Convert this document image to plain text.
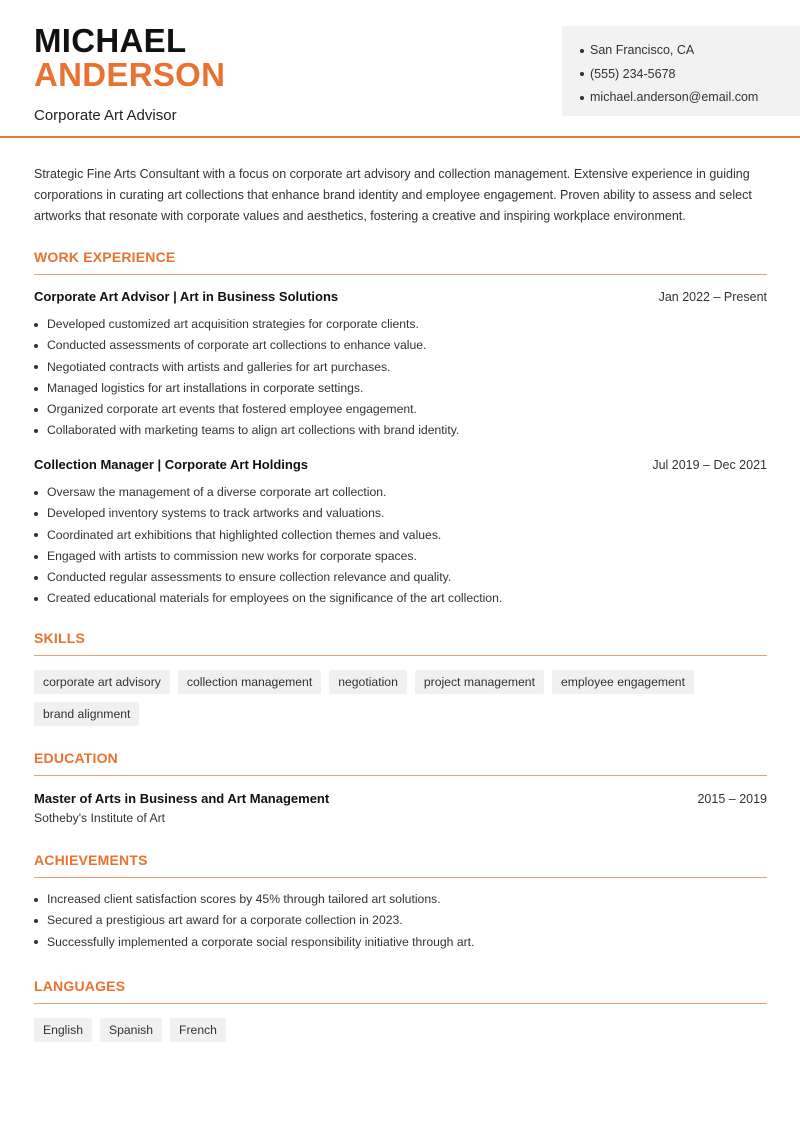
MICHAEL
ANDERSON
Corporate Art Advisor
San Francisco, CA
(555) 234-5678
michael.anderson@email.com
Strategic Fine Arts Consultant with a focus on corporate art advisory and collection management. Extensive experience in guiding corporations in curating art collections that enhance brand identity and employee engagement. Proven ability to assess and select artworks that resonate with corporate values and aesthetics, fostering a creative and inspiring workplace environment.
WORK EXPERIENCE
Corporate Art Advisor | Art in Business Solutions	Jan 2022 – Present
Developed customized art acquisition strategies for corporate clients.
Conducted assessments of corporate art collections to enhance value.
Negotiated contracts with artists and galleries for art purchases.
Managed logistics for art installations in corporate settings.
Organized corporate art events that fostered employee engagement.
Collaborated with marketing teams to align art collections with brand identity.
Collection Manager | Corporate Art Holdings	Jul 2019 – Dec 2021
Oversaw the management of a diverse corporate art collection.
Developed inventory systems to track artworks and valuations.
Coordinated art exhibitions that highlighted collection themes and values.
Engaged with artists to commission new works for corporate spaces.
Conducted regular assessments to ensure collection relevance and quality.
Created educational materials for employees on the significance of the art collection.
SKILLS
corporate art advisory	collection management	negotiation	project management	employee engagement
brand alignment
EDUCATION
Master of Arts in Business and Art Management	2015 – 2019
Sotheby's Institute of Art
ACHIEVEMENTS
Increased client satisfaction scores by 45% through tailored art solutions.
Secured a prestigious art award for a corporate collection in 2023.
Successfully implemented a corporate social responsibility initiative through art.
LANGUAGES
English	Spanish	French
